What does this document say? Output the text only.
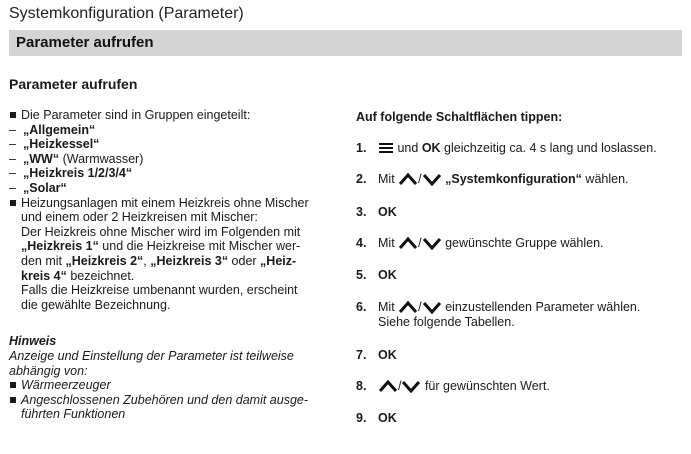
Systemkonfiguration (Parameter)
Parameter aufrufen
Parameter aufrufen
Die Parameter sind in Gruppen eingeteilt:
– „Allgemein“
– „Heizkessel“
– „WW“ (Warmwasser)
– „Heizkreis 1/2/3/4“
– „Solar“
Heizungsanlagen mit einem Heizkreis ohne Mischer
und einem oder 2 Heizkreisen mit Mischer:
Der Heizkreis ohne Mischer wird im Folgenden mit
„Heizkreis 1“ und die Heizkreise mit Mischer wer-
den mit „Heizkreis 2“, „Heizkreis 3“ oder „Heiz-
kreis 4“ bezeichnet.
Falls die Heizkreise umbenannt wurden, erscheint
die gewählte Bezeichnung.
Hinweis
Anzeige und Einstellung der Parameter ist teilweise
abhängig von:
Wärmeerzeuger
Angeschlossenen Zubehören und den damit ausge-
führten Funktionen
Auf folgende Schaltflächen tippen:
1.	und OK gleichzeitig ca. 4 s lang und loslassen.
2. Mit / „Systemkonfiguration“ wählen.
3. OK
4. Mit / gewünschte Gruppe wählen.
5. OK
6. Mit / einzustellenden Parameter wählen.
Siehe folgende Tabellen.
7. OK
8.	/ für gewünschten Wert.
9. OK
